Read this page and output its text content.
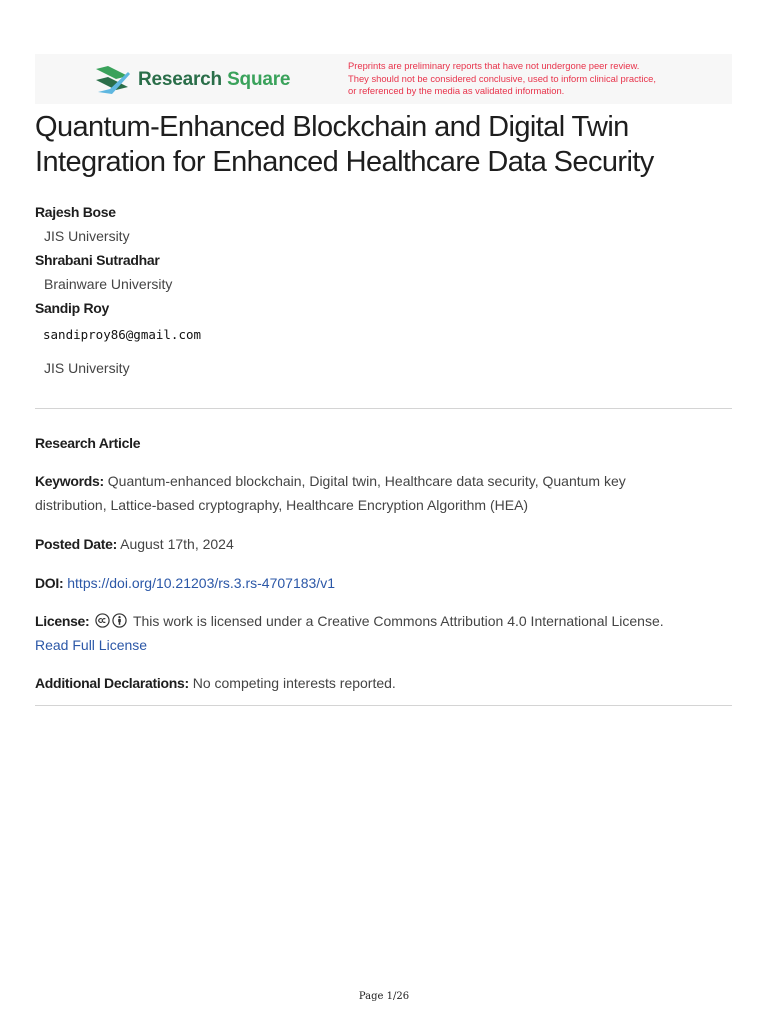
Research Square
Preprints are preliminary reports that have not undergone peer review.
They should not be considered conclusive, used to inform clinical practice,
or referenced by the media as validated information.
Quantum-Enhanced Blockchain and Digital Twin
Integration for Enhanced Healthcare Data Security
Rajesh Bose
JIS University
Shrabani Sutradhar
Brainware University
Sandip Roy
sandiproy86@gmail.com
JIS University
Research Article
Keywords: Quantum-enhanced blockchain, Digital twin, Healthcare data security, Quantum key
distribution, Lattice-based cryptography, Healthcare Encryption Algorithm (HEA)
Posted Date: August 17th, 2024
DOI: https://doi.org/10.21203/rs.3.rs-4707183/v1
License:	This work is licensed under a Creative Commons Attribution 4.0 International License.
Read Full License
Additional Declarations: No competing interests reported.
Page 1/26
